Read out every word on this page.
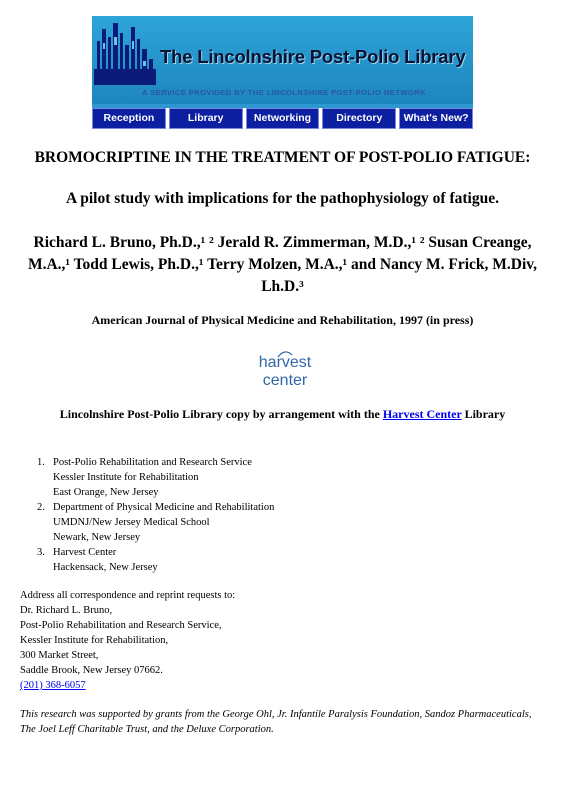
The Lincolnshire Post-Polio Library
A SERVICE PROVIDED BY THE LINCOLNSHIRE POST-POLIO NETWORK
Reception	Library	Networking	Directory	What's New?
BROMOCRIPTINE IN THE TREATMENT OF POST-POLIO FATIGUE:
A pilot study with implications for the pathophysiology of fatigue.
Richard L. Bruno, Ph.D.,¹ ² Jerald R. Zimmerman, M.D.,¹ ² Susan Creange, M.A.,¹ Todd Lewis, Ph.D.,¹ Terry Molzen, M.A.,¹ and Nancy M. Frick, M.Div, Lh.D.³
American Journal of Physical Medicine and Rehabilitation, 1997 (in press)
harvest
center
Lincolnshire Post-Polio Library copy by arrangement with the Harvest Center Library
1. Post-Polio Rehabilitation and Research Service
Kessler Institute for Rehabilitation
East Orange, New Jersey
2. Department of Physical Medicine and Rehabilitation
UMDNJ/New Jersey Medical School
Newark, New Jersey
3. Harvest Center
Hackensack, New Jersey
Address all correspondence and reprint requests to:
Dr. Richard L. Bruno,
Post-Polio Rehabilitation and Research Service,
Kessler Institute for Rehabilitation,
300 Market Street,
Saddle Brook, New Jersey 07662.
(201) 368-6057
This research was supported by grants from the George Ohl, Jr. Infantile Paralysis Foundation, Sandoz Pharmaceuticals, The Joel Leff Charitable Trust, and the Deluxe Corporation.
